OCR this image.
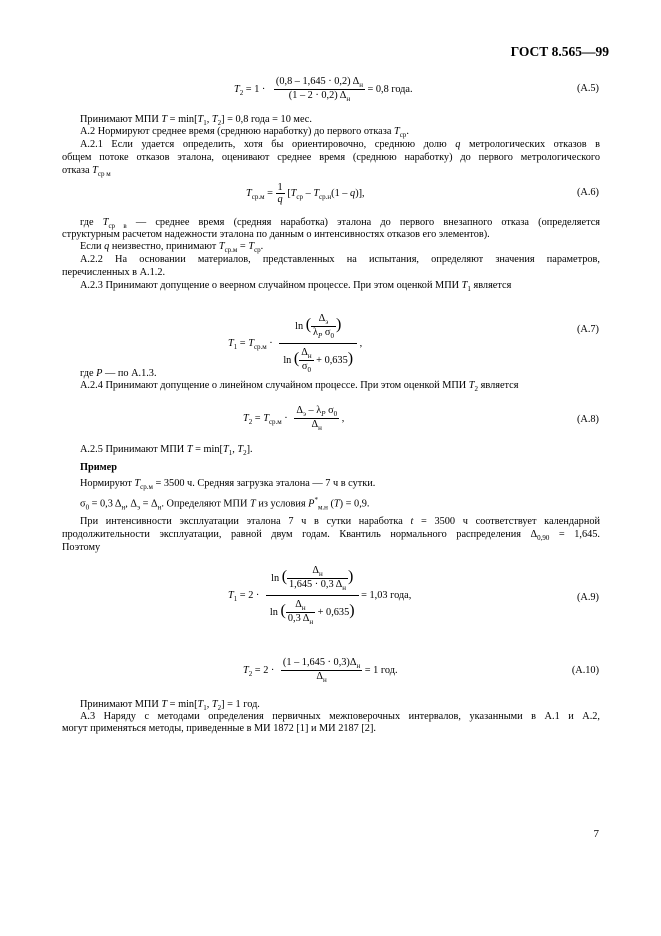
ГОСТ 8.565—99
$T_2 = 1 \cdot \frac{(0,8 - 1,645 \cdot 0,2) \Delta_н}{(1 - 2 \cdot 0,2) \Delta_н} = 0,8$ года.	(А.5)
Принимают МПИ $T = \min[T_1$, $T_2] = 0,8$ года = 10 мес.
А.2 Нормируют среднее время (среднюю наработку) до первого отказа $T_{ср}$.
А.2.1 Если удается определить, хотя бы ориентировочно, среднюю долю q метрологических отказов в
общем потоке отказов эталона, оценивают среднее время (среднюю наработку) до первого метрологического
отказа $T_{ср м}$
$T_{ср.м} = \frac{1}{q} [T_{ср} - T_{ср.н}(1 - q)]$,	(А.6)
где $T_{ср в}$ — среднее время (средняя наработка) эталона до первого внезапного отказа (определяется
структурным расчетом надежности эталона по данным о интенсивностях отказов его элементов).
Если q неизвестно, принимают $T_{ср.м} = T_{ср}$.
А.2.2 На основании материалов, представленных на испытания, определяют значения параметров,
перечисленных в А.1.2.
А.2.3 Принимают допущение о веерном случайном процессе. При этом оценкой МПИ $T_1$ является
$T_1 = T_{ср.м} \cdot \frac{\ln ( \frac{\Delta_э}{\lambda_P \sigma_0} )}{\ln ( \frac{\Delta_н}{\sigma_0} + 0,635)}$ ,
(А.7)
где P — по А.1.3.
А.2.4 Принимают допущение о линейном случайном процессе. При этом оценкой МПИ $T_2$ является
$T_2 = T_{ср.м} \cdot \frac{\Delta_э - \lambda_P \sigma_0}{\Delta_н}$ ,	(А.8)
А.2.5 Принимают МПИ $T = \min[T_1$, $T_2$].
Пример
Нормируют $T_{ср.м} = 3500$ ч. Средняя загрузка эталона — 7 ч в сутки.
$\sigma_0 = 0,3$ $\Delta_н$, $\Delta_э = \Delta_н$. Определяют МПИ T из условия $P^*_{м.н}$ (T) = 0,9.
При интенсивности эксплуатации эталона 7 ч в сутки наработка t = 3500 ч соответствует календарной
продолжительности эксплуатации, равной двум годам. Квантиль нормального распределения $\Delta_{0,90} = 1,645$.
Поэтому
$T_1 = 2 \cdot \frac{\ln ( \frac{\Delta_н}{1,645 \cdot 0,3 \Delta_н} )}{\ln ( \frac{\Delta_н}{0,3 \Delta_н} + 0,635)} = 1,03$ года,	(А.9)
$T_2 = 2 \cdot \frac{(1 - 1,645 \cdot 0,3)\Delta_н}{\Delta_н} = 1$ год.	(А.10)
Принимают МПИ $T = \min[T_1$, $T_2] = 1$ год.
А.3 Наряду с методами определения первичных межповерочных интервалов, указанными в А.1 и А.2,
могут применяться методы, приведенные в МИ 1872 [1] и МИ 2187 [2].
7
